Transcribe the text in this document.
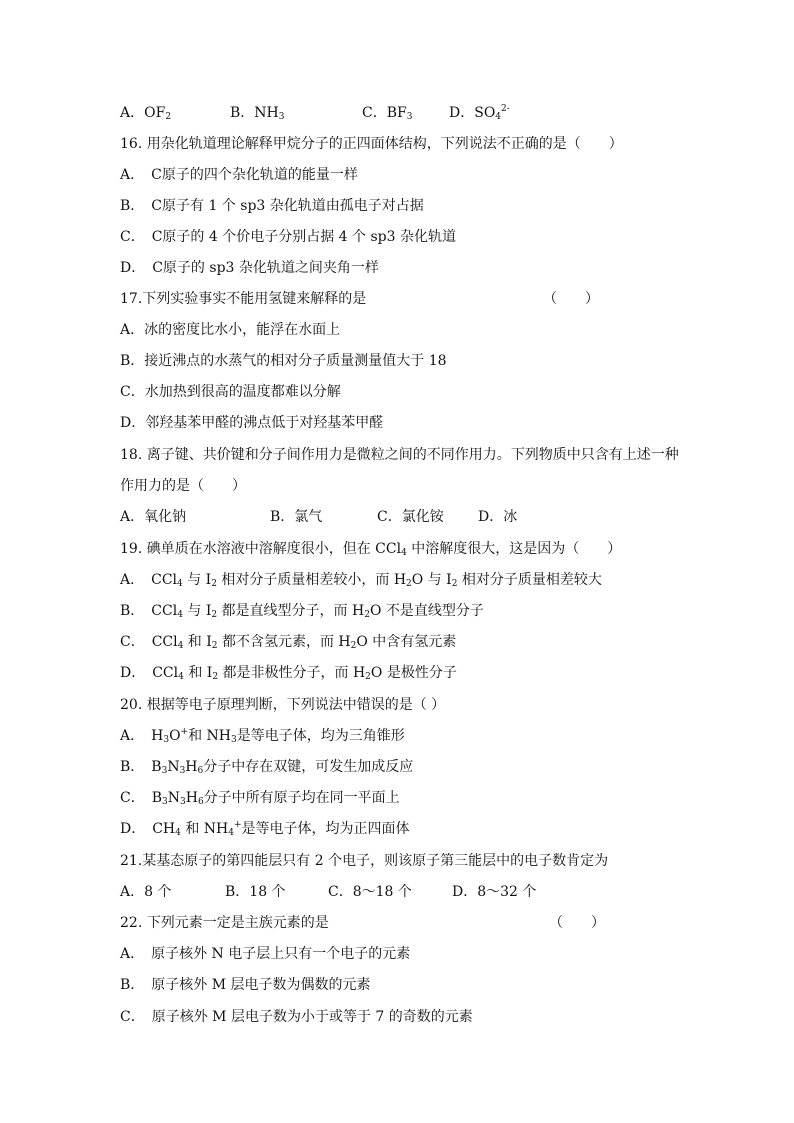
A．$OF_2$	B．$NH_3$	C．$BF_3$	D．$SO_4^{2-}$
16. 用杂化轨道理论解释甲烷分子的正四面体结构，下列说法不正确的是（　　）
A．　C原子的四个杂化轨道的能量一样
B．　C原子有 1 个 sp3 杂化轨道由孤电子对占据
C．　C原子的 4 个价电子分别占据 4 个 sp3 杂化轨道
D．　C原子的 sp3 杂化轨道之间夹角一样
17.下列实验事实不能用氢键来解释的是	（　　）
A．冰的密度比水小，能浮在水面上
B．接近沸点的水蒸气的相对分子质量测量值大于 18
C．水加热到很高的温度都难以分解
D．邻羟基苯甲醛的沸点低于对羟基苯甲醛
18. 离子键、共价键和分子间作用力是微粒之间的不同作用力。下列物质中只含有上述一种
作用力的是（　　）
A．氧化钠	B．氯气	C．氯化铵 D．冰
19. 碘单质在水溶液中溶解度很小，但在 CCl$_4$ 中溶解度很大，这是因为（　　）
A．　CCl$_4$ 与 $I_2$ 相对分子质量相差较小，而 $H_2O$ 与 $I_2$ 相对分子质量相差较大
B．　CCl$_4$ 与 $I_2$ 都是直线型分子，而 $H_2O$ 不是直线型分子
C．　CCl$_4$ 和 $I_2$ 都不含氢元素，而 $H_2O$ 中含有氢元素
D．　CCl$_4$ 和 $I_2$ 都是非极性分子，而 $H_2O$ 是极性分子
20. 根据等电子原理判断，下列说法中错误的是（ ）
A．　$H_3O^+$和 $NH_3$是等电子体，均为三角锥形
B．　$B_3N_3H_6$分子中存在双键，可发生加成反应
C．　$B_3N_3H_6$分子中所有原子均在同一平面上
D．　$CH_4$ 和 $NH_4^+$是等电子体，均为正四面体
21.某基态原子的第四能层只有 2 个电子，则该原子第三能层中的电子数肯定为
A．8 个	B．18 个	C．8～18 个	D．8～32 个
22. 下列元素一定是主族元素的是	（　　）
A．　原子核外 N 电子层上只有一个电子的元素
B．　原子核外 M 层电子数为偶数的元素
C．　原子核外 M 层电子数为小于或等于 7 的奇数的元素
